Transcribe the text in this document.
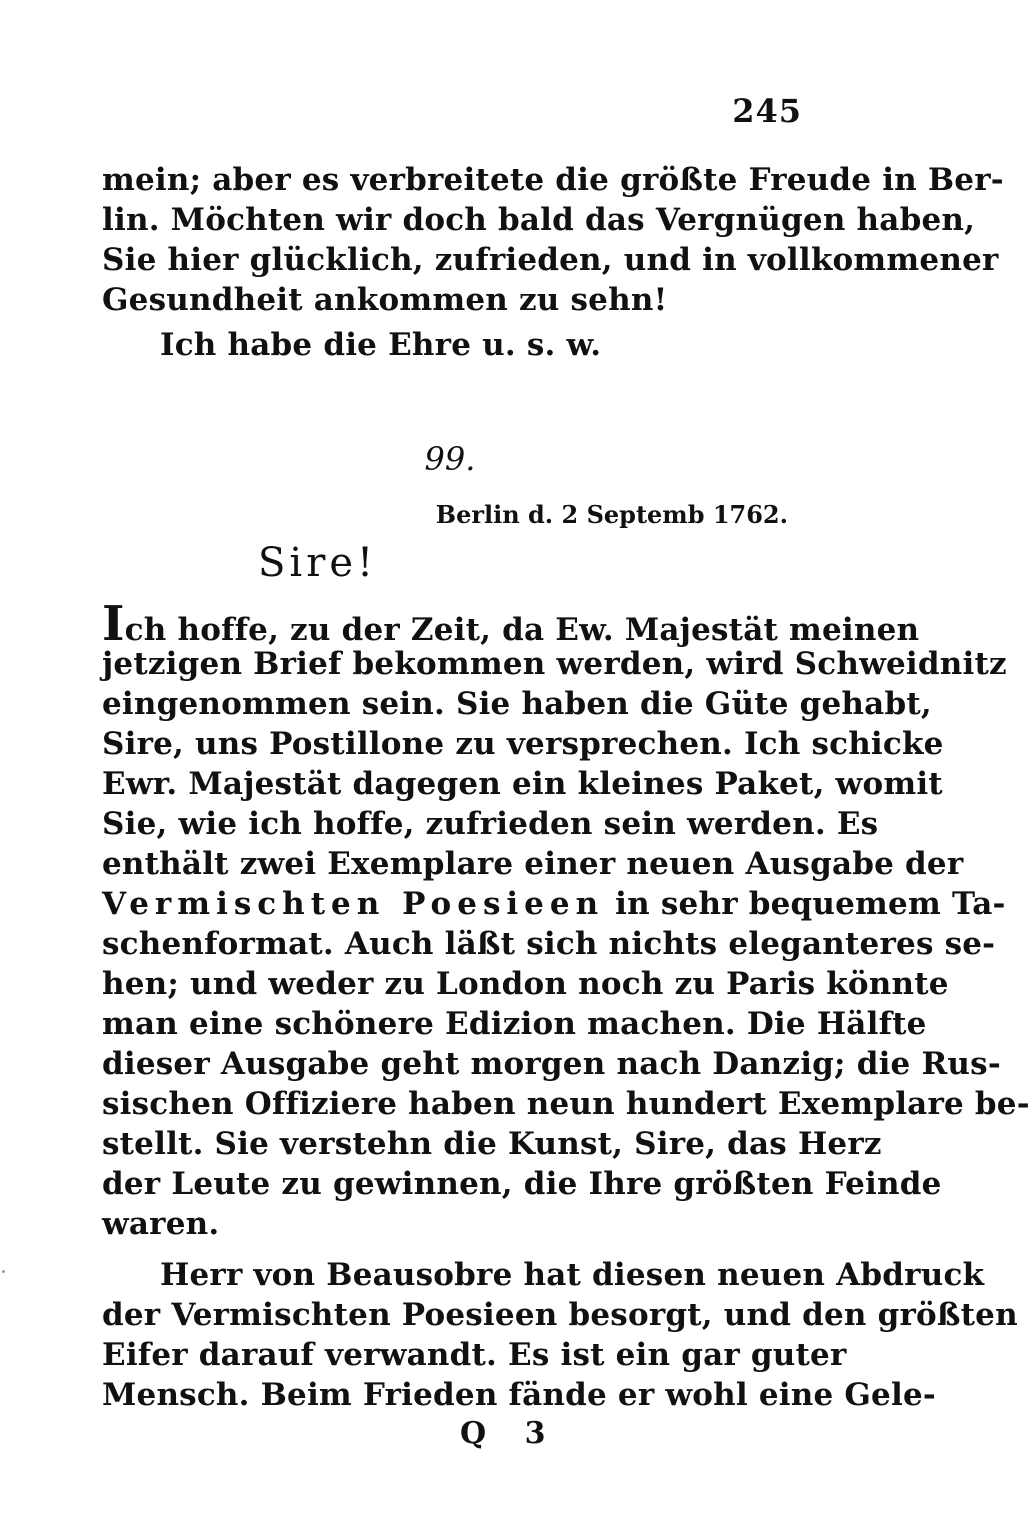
245
mein; aber es verbreitete die größte Freude in Ber-
lin. Möchten wir doch bald das Vergnügen haben,
Sie hier glücklich, zufrieden, und in vollkommener
Gesundheit ankommen zu sehn!
Ich habe die Ehre u. s. w.
99.
Berlin d. 2 Septemb 1762.
Sire!
Ich hoffe, zu der Zeit, da Ew. Majestät meinen
jetzigen Brief bekommen werden, wird Schweidnitz
eingenommen sein. Sie haben die Güte gehabt,
Sire, uns Postillone zu versprechen. Ich schicke
Ewr. Majestät dagegen ein kleines Paket, womit
Sie, wie ich hoffe, zufrieden sein werden. Es
enthält zwei Exemplare einer neuen Ausgabe der
Vermischten Poesieen in sehr bequemem Ta-
schenformat. Auch läßt sich nichts eleganteres se-
hen; und weder zu London noch zu Paris könnte
man eine schönere Edizion machen. Die Hälfte
dieser Ausgabe geht morgen nach Danzig; die Rus-
sischen Offiziere haben neun hundert Exemplare be-
stellt. Sie verstehn die Kunst, Sire, das Herz
der Leute zu gewinnen, die Ihre größten Feinde
waren.
Herr von Beausobre hat diesen neuen Abdruck
der Vermischten Poesieen besorgt, und den größten
Eifer darauf verwandt. Es ist ein gar guter
Mensch. Beim Frieden fände er wohl eine Gele-
Q 3
